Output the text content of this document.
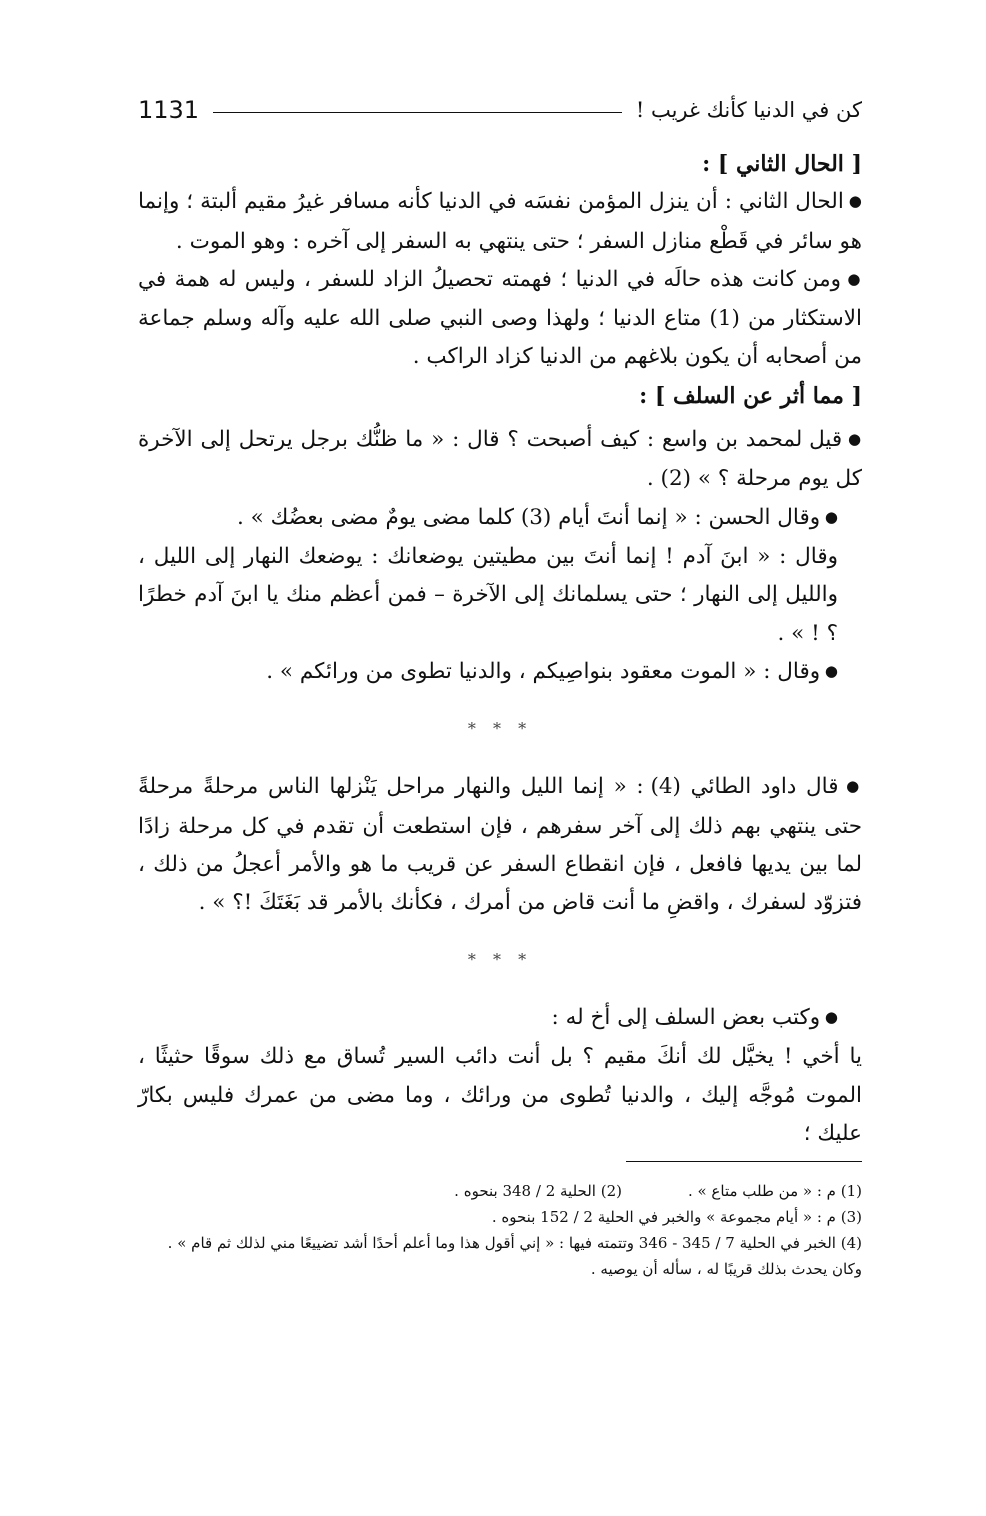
1131	كن في الدنيا كأنك غريب !

[ الحال الثاني ] :

● الحال الثاني : أن ينزل المؤمن نفسَه في الدنيا كأنه مسافر غيرُ مقيم ألبتة ؛ وإنما هو سائر في قَطْع منازل السفر ؛ حتى ينتهي به السفر إلى آخره : وهو الموت .

● ومن كانت هذه حالَه في الدنيا ؛ فهمته تحصيلُ الزاد للسفر ، وليس له همة في الاستكثار من (1) متاع الدنيا ؛ ولهذا وصى النبي صلى الله عليه وآله وسلم جماعة من أصحابه أن يكون بلاغهم من الدنيا كزاد الراكب .

[ مما أثر عن السلف ] :

● قيل لمحمد بن واسع : كيف أصبحت ؟ قال : « ما ظنُّك برجل يرتحل إلى الآخرة كل يوم مرحلة ؟ » (2) .

● وقال الحسن : « إنما أنتَ أيام (3) كلما مضى يومٌ مضى بعضُك » .

وقال : « ابنَ آدم ! إنما أنتَ بين مطيتين يوضعانك : يوضعك النهار إلى الليل ، والليل إلى النهار ؛ حتى يسلمانك إلى الآخرة – فمن أعظم منك يا ابنَ آدم خطرًا ؟ ! » .

● وقال : « الموت معقود بنواصِيكم ، والدنيا تطوى من ورائكم » .

* * *

● قال داود الطائي (4) : « إنما الليل والنهار مراحل يَنْزلها الناس مرحلةً مرحلةً حتى ينتهي بهم ذلك إلى آخر سفرهم ، فإن استطعت أن تقدم في كل مرحلة زادًا لما بين يديها فافعل ، فإن انقطاع السفر عن قريب ما هو والأمر أعجلُ من ذلك ، فتزوّد لسفرك ، واقضِ ما أنت قاض من أمرك ، فكأنك بالأمر قد بَغَتَكَ !؟ » .

* * *

● وكتب بعض السلف إلى أخ له :

يا أخي ! يخيَّل لك أنكَ مقيم ؟ بل أنت دائب السير تُساق مع ذلك سوقًا حثيثًا ، الموت مُوجَّه إليك ، والدنيا تُطوى من ورائك ، وما مضى من عمرك فليس بكارّ عليك ؛

(1) م : « من طلب متاع » .
(2) الحلية 2 / 348 بنحوه .

(3) م : « أيام مجموعة » والخبر في الحلية 2 / 152 بنحوه .

(4) الخبر في الحلية 7 / 345 - 346 وتتمته فيها : « إني أقول هذا وما أعلم أحدًا أشد تضييعًا مني لذلك ثم قام » . وكان يحدث بذلك قريبًا له ، سأله أن يوصيه .
